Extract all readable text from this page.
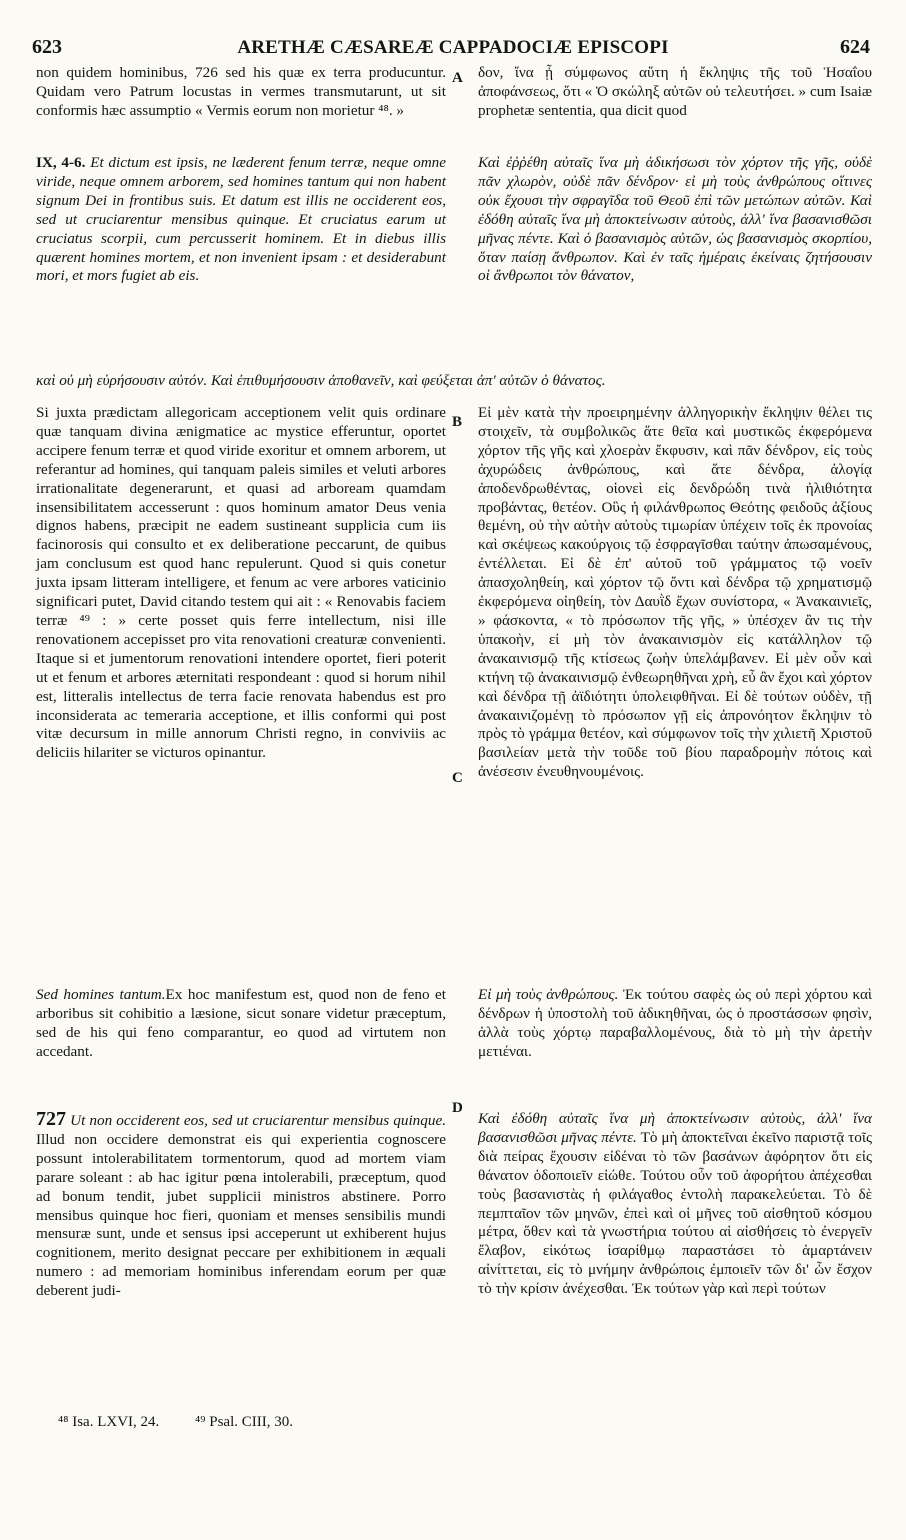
623	ARETHÆ CÆSAREÆ CAPPADOCIÆ EPISCOPI	624

non quidem hominibus, 726 sed his quæ ex terra producuntur. Quidam vero Patrum locustas in vermes transmutarunt, ut sit conformis hæc assumptio « Vermis eorum non morietur ⁴⁸. »

A δον, ἵνα ᾖ σύμφωνος αὕτη ἡ ἔκληψις τῆς τοῦ Ἡσαΐου ἀποφάνσεως, ὅτι « Ὁ σκώληξ αὐτῶν οὐ τελευτήσει. » cum Isaiæ prophetæ sententia, qua dicit quod

IX, 4-6. Et dictum est ipsis, ne læderent fenum terræ, neque omne viride, neque omnem arborem, sed homines tantum qui non habent signum Dei in frontibus suis. Et datum est illis ne occiderent eos, sed ut cruciarentur mensibus quinque. Et cruciatus earum ut cruciatus scorpii, cum percusserit hominem. Et in diebus illis quærent homines mortem, et non invenient ipsam : et desiderabunt mori, et mors fugiet ab eis.

Καὶ ἐῤῥέθη αὐταῖς ἵνα μὴ ἀδικήσωσι τὸν χόρτον τῆς γῆς, οὐδὲ πᾶν χλωρὸν, οὐδὲ πᾶν δένδρον· εἰ μὴ τοὺς ἀνθρώπους οἵτινες οὐκ ἔχουσι τὴν σφραγῖδα τοῦ Θεοῦ ἐπὶ τῶν μετώπων αὐτῶν. Καὶ ἐδόθη αὐταῖς ἵνα μὴ ἀποκτείνωσιν αὐτοὺς, ἀλλ' ἵνα βασανισθῶσι μῆνας πέντε. Καὶ ὁ βασανισμὸς αὐτῶν, ὡς βασανισμὸς σκορπίου, ὅταν παίσῃ ἄνθρωπον. Καὶ ἐν ταῖς ἡμέραις ἐκείναις ζητήσουσιν οἱ ἄνθρωποι τὸν θάνατον,

καὶ οὐ μὴ εὑρήσουσιν αὐτόν. Καὶ ἐπιθυμήσουσιν ἀποθανεῖν, καὶ φεύξεται ἀπ' αὐτῶν ὁ θάνατος.

B

Si juxta prædictam allegoricam acceptionem velit quis ordinare quæ tanquam divina ænigmatice ac mystice efferuntur, oportet accipere fenum terræ et quod viride exoritur et omnem arborem, ut referantur ad homines, qui tanquam paleis similes et veluti arbores irrationalitate degenerarunt, et quasi ad arboream quamdam insensibilitatem accesserunt : quos hominum amator Deus venia dignos habens, præcipit ne eadem sustineant supplicia cum iis facinorosis qui consulto et ex deliberatione peccarunt, de quibus jam conclusum est quod hanc repulerunt. Quod si quis conetur juxta ipsam litteram intelligere, et fenum ac vere arbores vaticinio significari putet, David citando testem qui ait : « Renovabis faciem terræ ⁴⁹ : » certe posset quis ferre intellectum, nisi ille renovationem accepisset pro vita renovationi creaturæ convenienti. Itaque si et jumentorum renovationi intendere oportet, fieri poterit ut et fenum et arbores æternitati respondeant : quod si horum nihil est, litteralis intellectus de terra facie renovata habendus est pro inconsiderata ac temeraria acceptione, et illis conformi qui post vitæ decursum in mille annorum Christi regno, in conviviis ac deliciis hilariter se victuros opinantur.

Εἰ μὲν κατὰ τὴν προειρημένην ἀλληγορικὴν ἔκληψιν θέλει τις στοιχεῖν, τὰ συμβολικῶς ἅτε θεῖα καὶ μυστικῶς ἐκφερόμενα χόρτον τῆς γῆς καὶ χλοερὰν ἔκφυσιν, καὶ πᾶν δένδρον, εἰς τοὺς ἀχυρώδεις ἀνθρώπους, καὶ ἅτε δένδρα, ἀλογίᾳ ἀποδενδρωθέντας, οἱονεὶ εἰς δενδρώδη τινὰ ἠλιθιότητα προβάντας, θετέον. Οὓς ἡ φιλάνθρωπος Θεότης φειδοῦς ἀξίους θεμένη, οὐ τὴν αὐτὴν αὐτοὺς τιμωρίαν ὑπέχειν τοῖς ἐκ προνοίας καὶ σκέψεως κακούργοις τῷ ἐσφραγῖσθαι ταύτην ἀπωσαμένους, ἐντέλλεται. Εἰ δὲ ἐπ' αὐτοῦ τοῦ γράμματος τῷ νοεῖν ἀπασχοληθείη, καὶ χόρτον τῷ ὄντι καὶ δένδρα τῷ χρηματισμῷ ἐκφερόμενα οἰηθείη, τὸν Δαυῒδ ἔχων συνίστορα, « Ἀνακαινιεῖς, » φάσκοντα, « τὸ πρόσωπον τῆς γῆς, » ὑπέσχεν ἂν τις τὴν ὑπακοὴν, εἰ μὴ τὸν ἀνακαινισμὸν εἰς κατάλληλον τῷ ἀνακαινισμῷ τῆς κτίσεως ζωὴν ὑπελάμβανεν. Εἰ μὲν οὖν καὶ κτήνη τῷ ἀνακαινισμῷ ἐνθεωρηθῆναι χρὴ, εὖ ἂν ἔχοι καὶ χόρτον καὶ δένδρα τῇ ἀϊδιότητι ὑπολειφθῆναι. Εἰ δὲ τούτων οὐδὲν, τῇ ἀνακαινιζομένῃ τὸ πρόσωπον γῇ εἰς ἀπρονόητον ἔκληψιν τὸ πρὸς τὸ γράμμα θετέον, καὶ σύμφωνον τοῖς τὴν χιλιετῆ Χριστοῦ βασιλείαν μετὰ τὴν τοῦδε τοῦ βίου παραδρομὴν πότοις καὶ ἀνέσεσιν ἐνευθηνουμένοις.

C

Sed homines tantum.Ex hoc manifestum est, quod non de feno et arboribus sit cohibitio a læsione, sicut sonare videtur præceptum, sed de his qui feno comparantur, eo quod ad virtutem non accedant.

Εἰ μὴ τοὺς ἀνθρώπους. Ἐκ τούτου σαφὲς ὡς οὐ περὶ χόρτου καὶ δένδρων ἡ ὑποστολὴ τοῦ ἀδικηθῆναι, ὡς ὁ προστάσσων φησὶν, ἀλλὰ τοὺς χόρτῳ παραβαλλομένους, διὰ τὸ μὴ τὴν ἀρετὴν μετιέναι.

D

727 Ut non occiderent eos, sed ut cruciarentur mensibus quinque. Illud non occidere demonstrat eis qui experientia cognoscere possunt intolerabilitatem tormentorum, quod ad mortem viam parare soleant : ab hac igitur pœna intolerabili, præceptum, quod ad bonum tendit, jubet supplicii ministros abstinere. Porro mensibus quinque hoc fieri, quoniam et menses sensibilis mundi mensuræ sunt, unde et sensus ipsi acceperunt ut exhiberent hujus cognitionem, merito designat peccare per exhibitionem in æquali numero : ad memoriam hominibus inferendam eorum per quæ deberent judi-

Καὶ ἐδόθη αὐταῖς ἵνα μὴ ἀποκτείνωσιν αὐτοὺς, ἀλλ' ἵνα βασανισθῶσι μῆνας πέντε. Τὸ μὴ ἀποκτεῖναι ἐκεῖνο παριστᾷ τοῖς διὰ πείρας ἔχουσιν εἰδέναι τὸ τῶν βασάνων ἀφόρητον ὅτι εἰς θάνατον ὁδοποιεῖν εἰώθε. Τούτου οὖν τοῦ ἀφορήτου ἀπέχεσθαι τοὺς βασανιστὰς ἡ φιλάγαθος ἐντολὴ παρακελεύεται. Τὸ δὲ πεμπταῖον τῶν μηνῶν, ἐπεὶ καὶ οἱ μῆνες τοῦ αἰσθητοῦ κόσμου μέτρα, ὅθεν καὶ τὰ γνωστήρια τούτου αἱ αἰσθήσεις τὸ ἐνεργεῖν ἔλαβον, εἰκότως ἰσαρίθμῳ παραστάσει τὸ ἁμαρτάνειν αἰνίττεται, εἰς τὸ μνήμην ἀνθρώποις ἐμποιεῖν τῶν δι' ὧν ἔσχον τὸ τὴν κρίσιν ἀνέχεσθαι. Ἐκ τούτων γὰρ καὶ περὶ τούτων

⁴⁸ Isa. LXVI, 24. ⁴⁹ Psal. CIII, 30.
